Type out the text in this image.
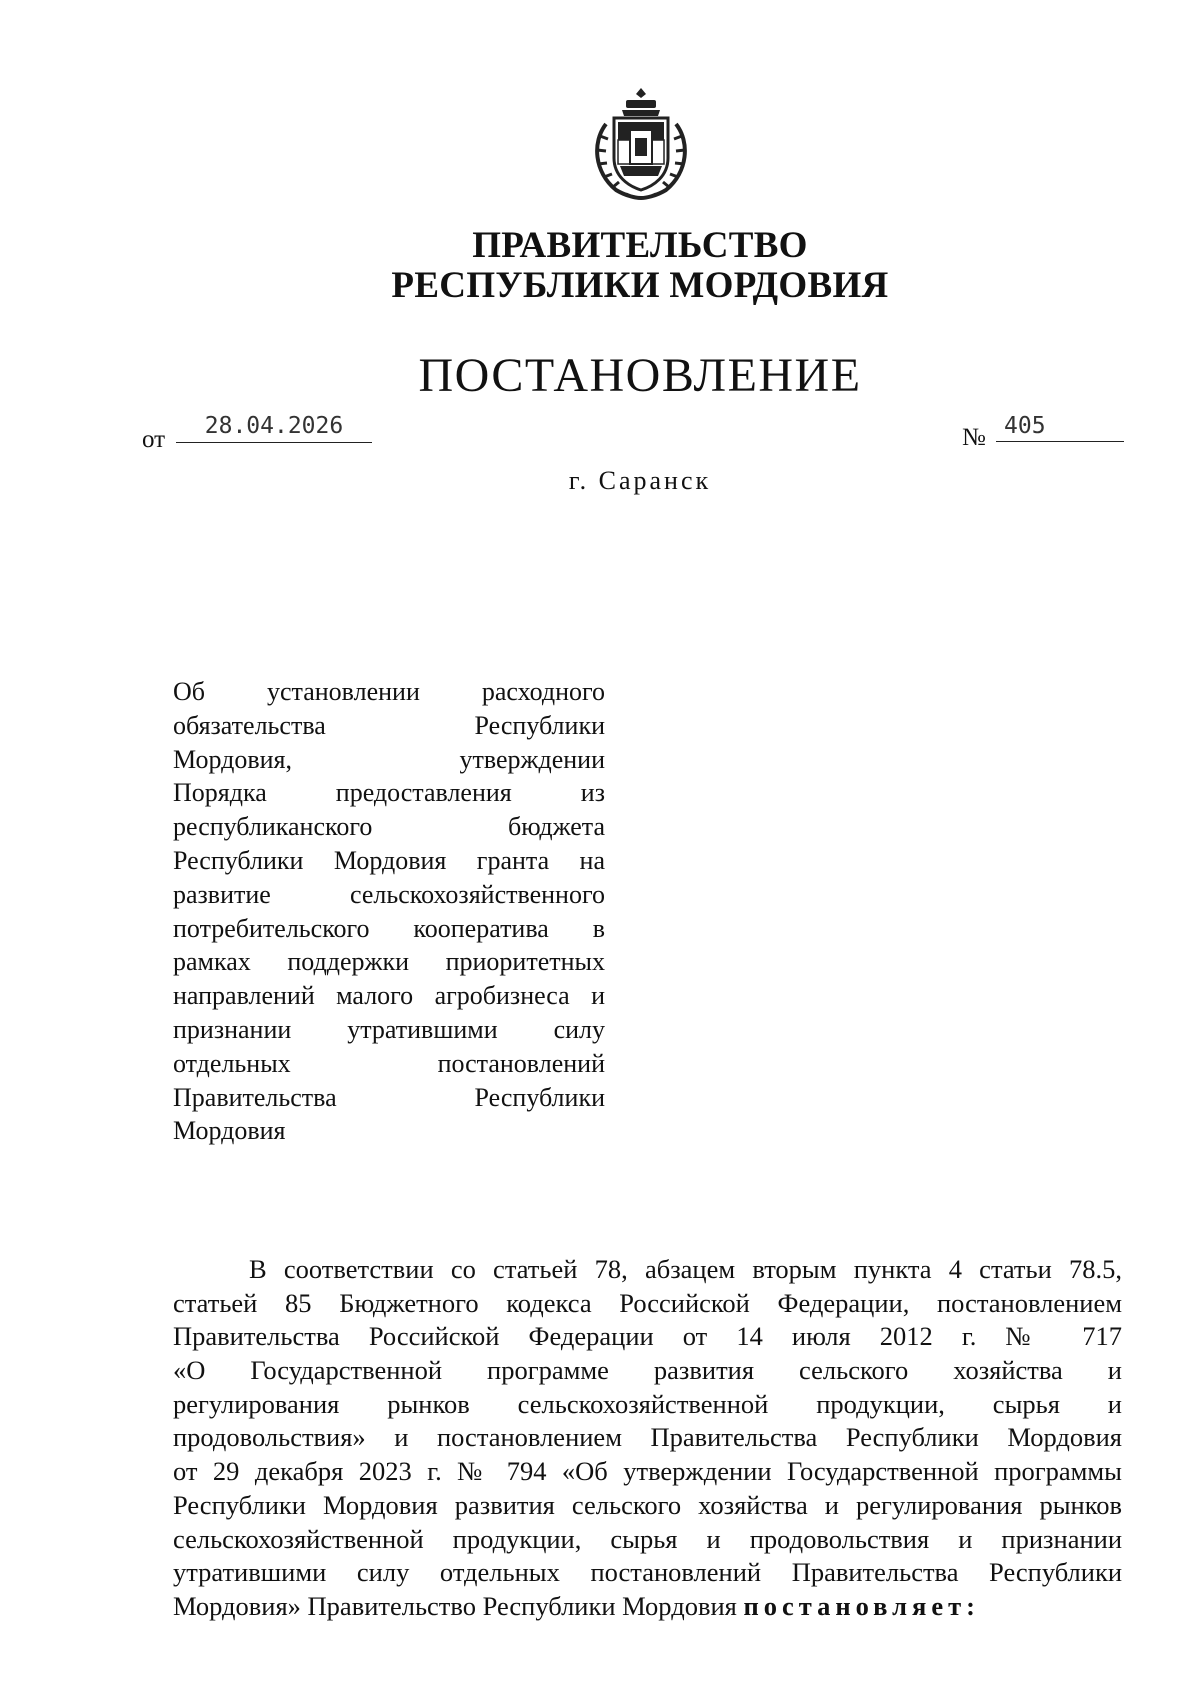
ПРАВИТЕЛЬСТВО
РЕСПУБЛИКИ МОРДОВИЯ
ПОСТАНОВЛЕНИЕ
от	28.04.2026	№ 405
г. Саранск
Об установлении расходного
обязательства Республики
Мордовия, утверждении
Порядка предоставления из
республиканского бюджета
Республики Мордовия гранта на
развитие сельскохозяйственного
потребительского кооператива в
рамках поддержки приоритетных
направлений малого агробизнеса и
признании утратившими силу
отдельных постановлений
Правительства Республики
Мордовия
В соответствии со статьей 78, абзацем вторым пункта 4 статьи 78.5,
статьей 85 Бюджетного кодекса Российской Федерации, постановлением
Правительства Российской Федерации от 14 июля 2012 г. № 717
«О Государственной программе развития сельского хозяйства и
регулирования рынков сельскохозяйственной продукции, сырья и
продовольствия» и постановлением Правительства Республики Мордовия
от 29 декабря 2023 г. № 794 «Об утверждении Государственной программы
Республики Мордовия развития сельского хозяйства и регулирования рынков
сельскохозяйственной продукции, сырья и продовольствия и признании
утратившими силу отдельных постановлений Правительства Республики
Мордовия» Правительство Республики Мордовия постановляет:
